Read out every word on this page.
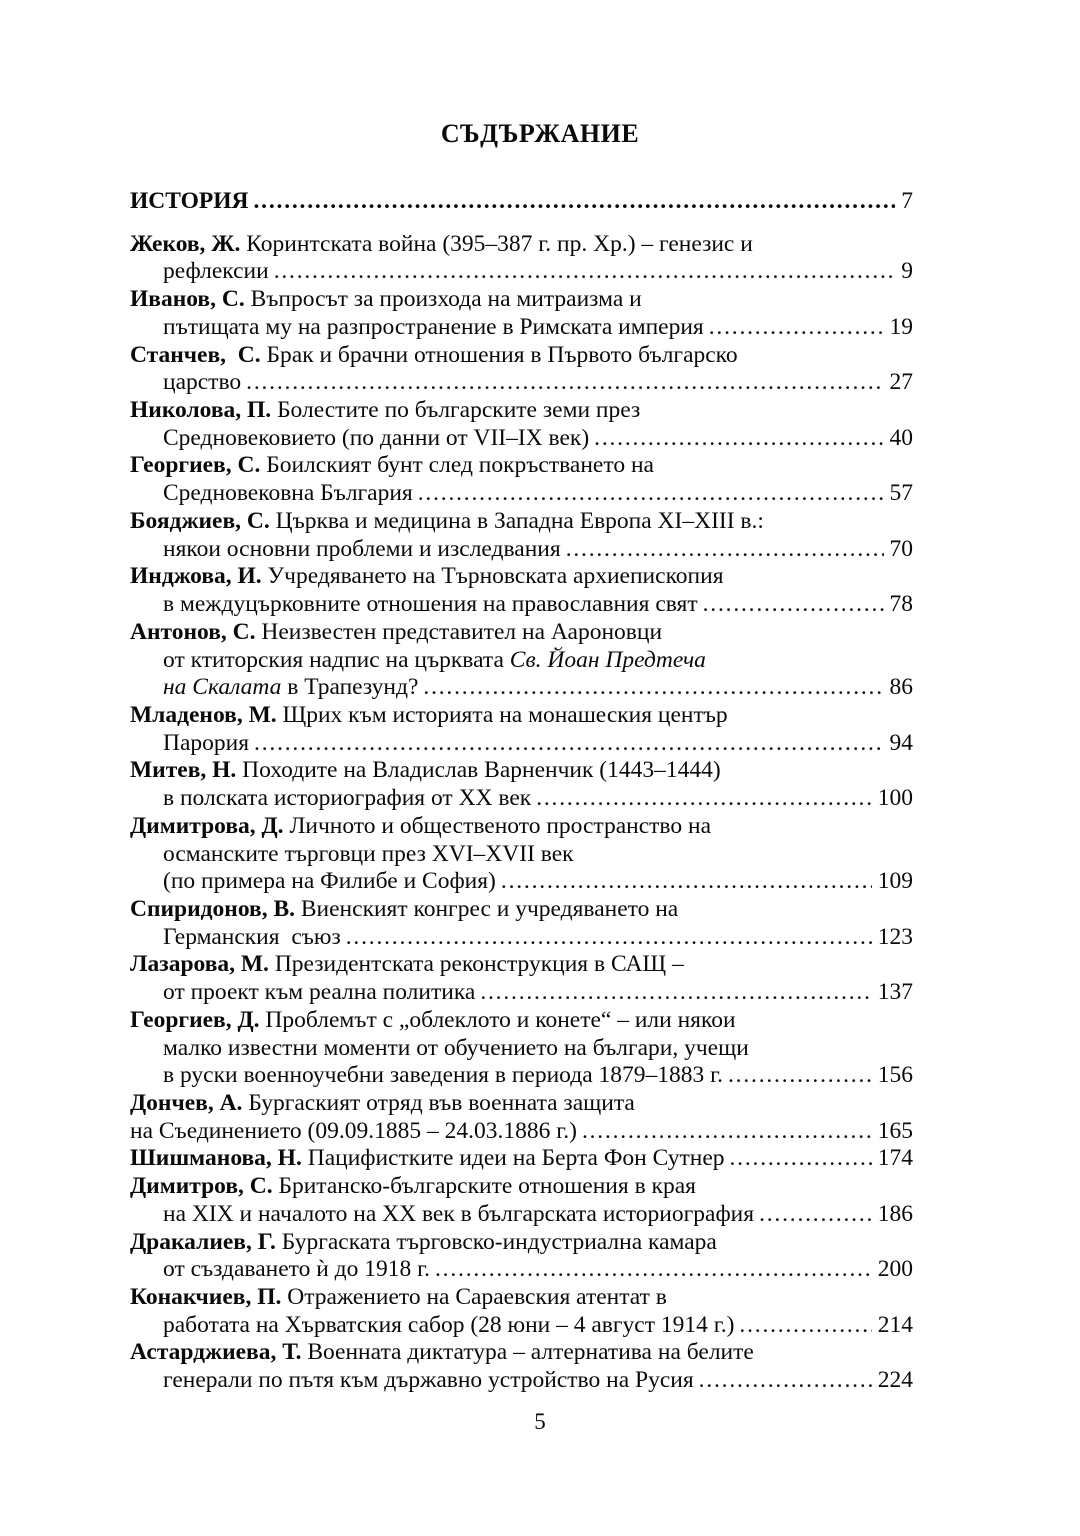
СЪДЪРЖАНИЕ
ИСТОРИЯ .....	7
Жеков, Ж. Коринтската война (395–387 г. пр. Хр.) – генезис и
рефлексии .....	9
Иванов, С. Въпросът за произхода на митраизма и
пътищата му на разпространение в Римската империя .....	19
Станчев,  С. Брак и брачни отношения в Първото българско
царство .....	27
Николова, П. Болестите по българските земи през
Средновековието (по данни от VII–IX век) .....	40
Георгиев, С. Боилският бунт след покръстването на
Средновековна България .....	57
Бояджиев, С. Църква и медицина в Западна Европа XI–XIII в.:
някои основни проблеми и изследвания .....	70
Инджова, И. Учредяването на Търновската архиепископия
в междуцърковните отношения на православния свят .....	78
Антонов, С. Неизвестен представител на Аароновци
от ктиторския надпис на църквата Св. Йоан Предтеча
на Скалата в Трапезунд? .....	86
Младенов, М. Щрих към историята на монашеския център
Парория .....	94
Митев, Н. Походите на Владислав Варненчик (1443–1444)
в полската историография от XX век .....	100
Димитрова, Д. Личното и общественото пространство на
османските търговци през XVI–XVII век
(по примера на Филибе и София) .....	109
Спиридонов, В. Виенският конгрес и учредяването на
Германския  съюз .....	123
Лазарова, М. Президентската реконструкция в САЩ –
от проект към реална политика .....	137
Георгиев, Д. Проблемът с „облеклото и конете“ – или някои
малко известни моменти от обучението на българи, учещи
в руски военноучебни заведения в периода 1879–1883 г. .....	156
Дончев, А. Бургаският отряд във военната защита
на Съединението (09.09.1885 – 24.03.1886 г.) .....	165
Шишманова, Н. Пацифистките идеи на Берта Фон Сутнер .....	174
Димитров, С. Британско-българските отношения в края
на XIX и началото на XX век в българската историография .....	186
Дракалиев, Г. Бургаската търговско-индустриална камара
от създаването ѝ до 1918 г. .....	200
Конакчиев, П. Отражението на Сараевския атентат в
работата на Хърватския сабор (28 юни – 4 август 1914 г.) .....	214
Астарджиева, Т. Военната диктатура – алтернатива на белите
генерали по пътя към държавно устройство на Русия .....	224
5
